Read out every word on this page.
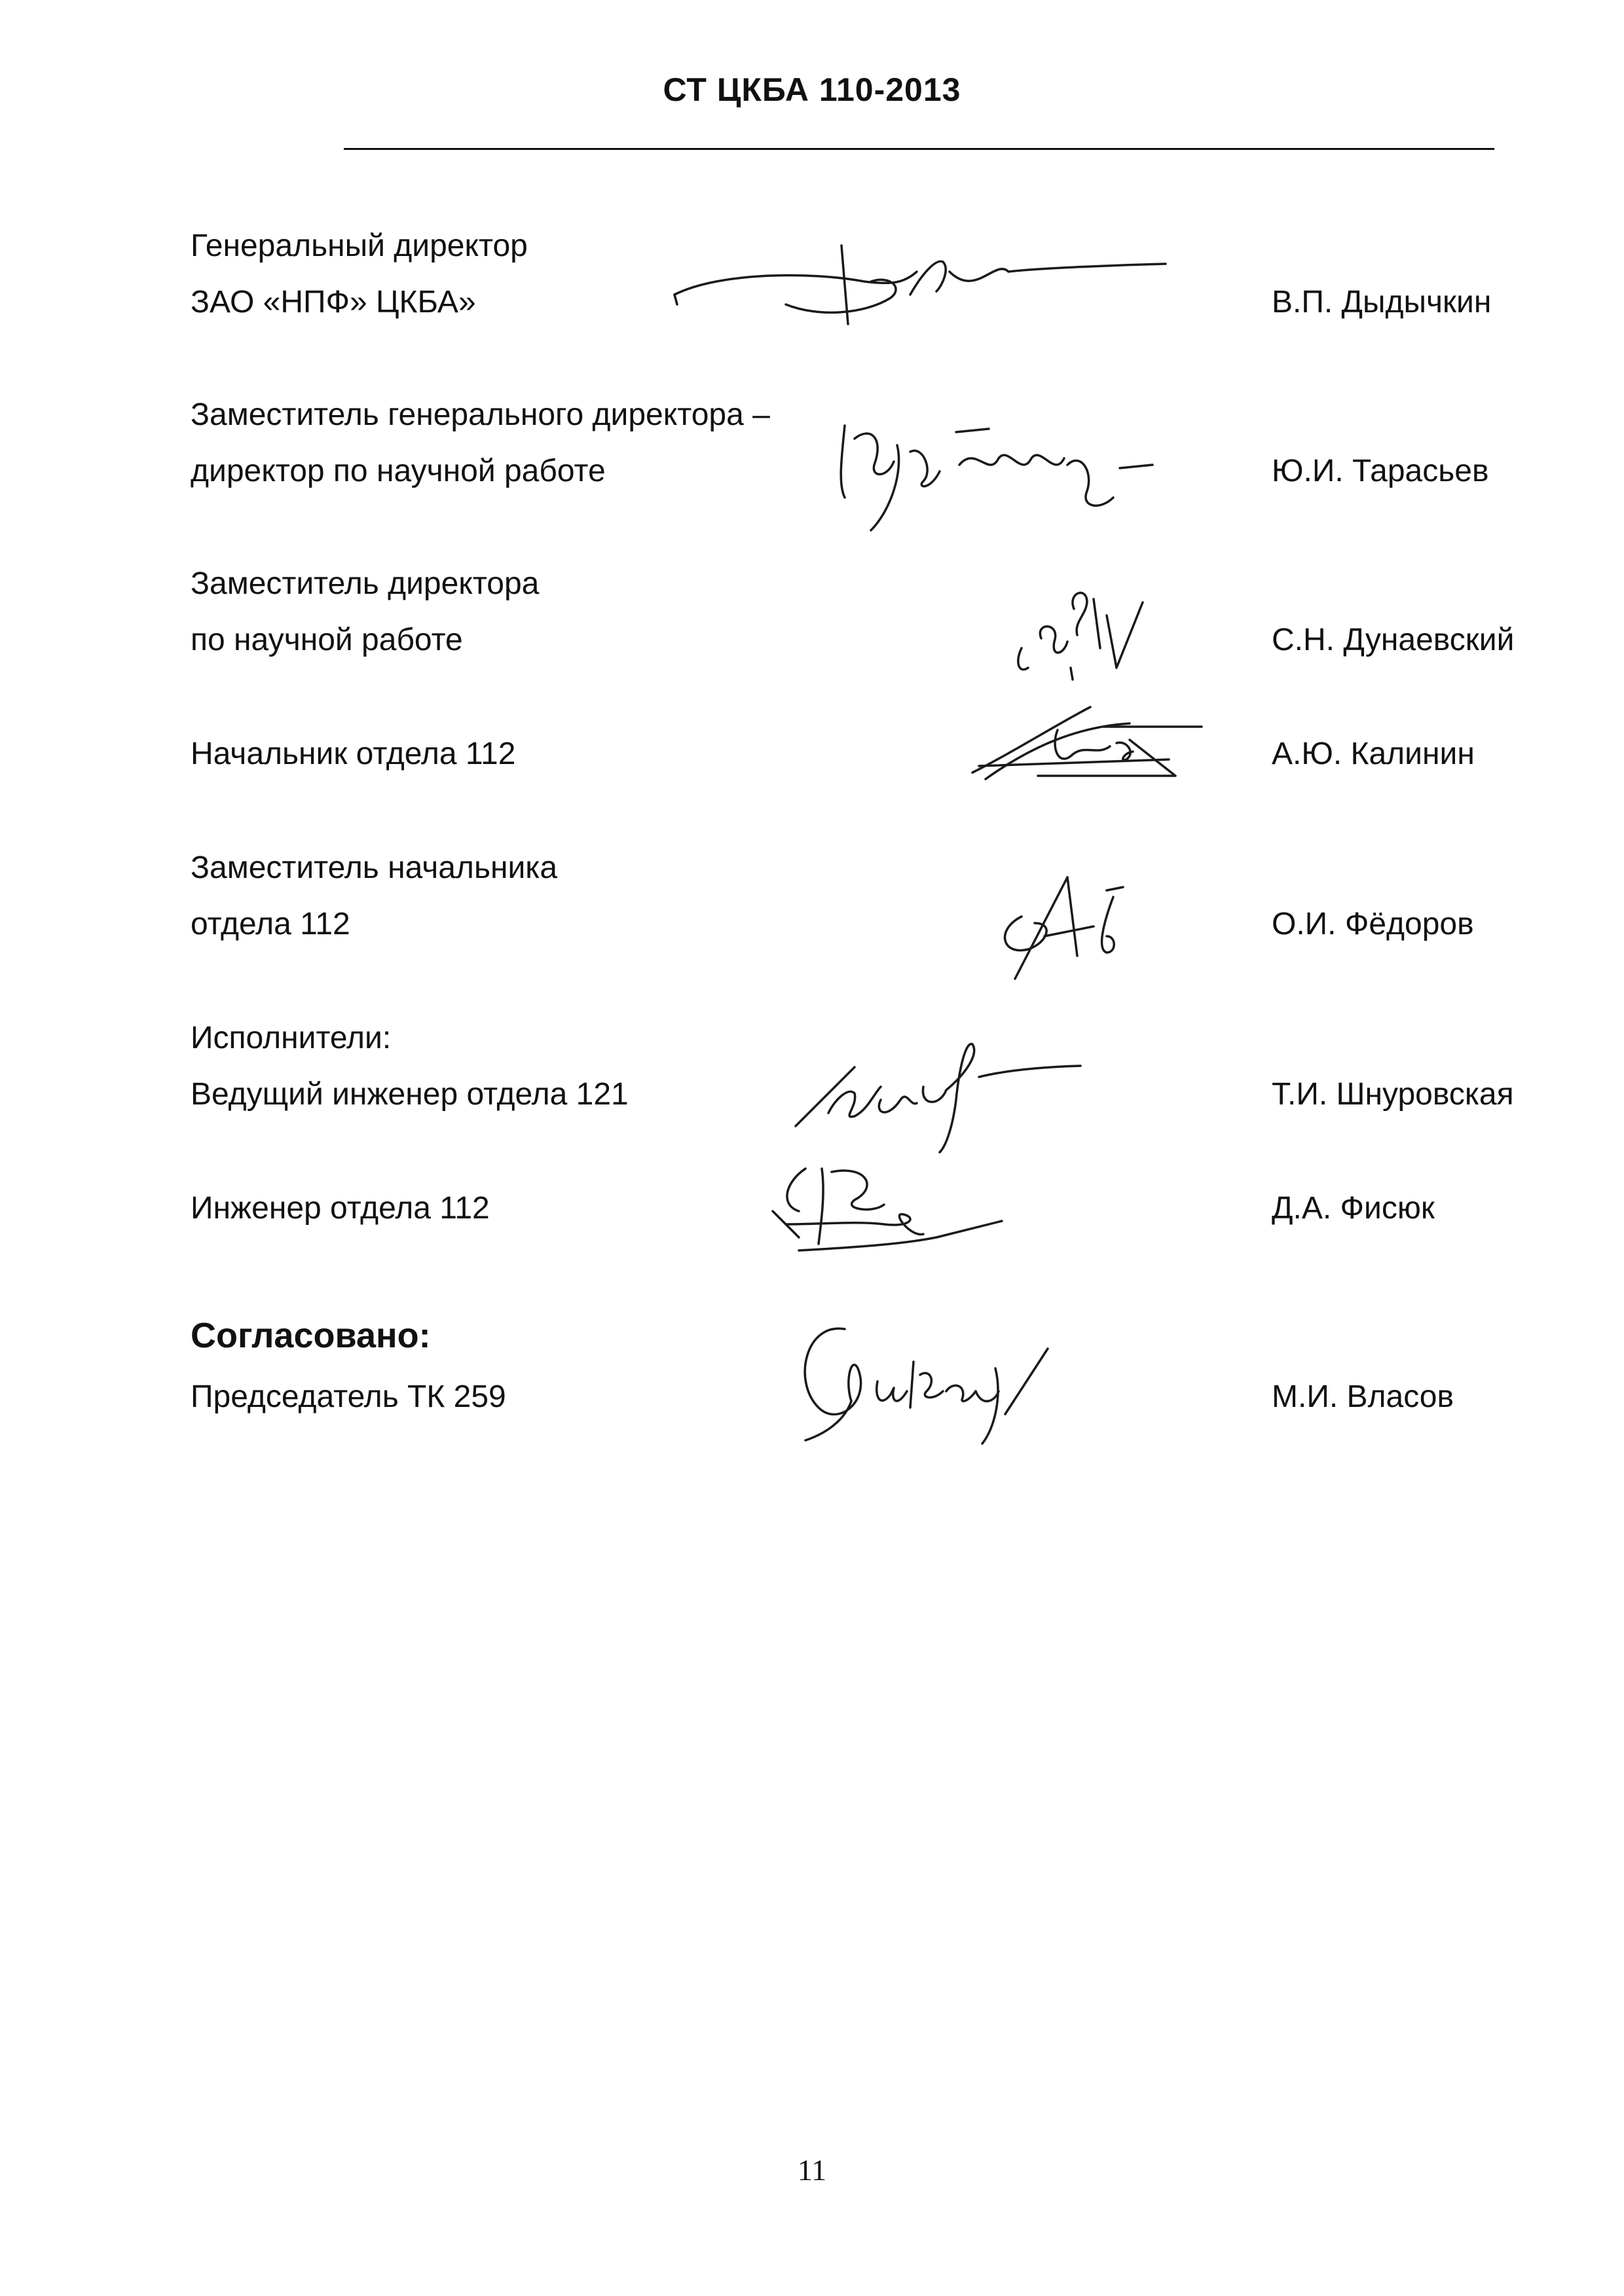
СТ ЦКБА 110-2013
Генеральный директор
ЗАО «НПФ» ЦКБА»	В.П. Дыдычкин
Заместитель генерального директора –
директор по научной работе	Ю.И. Тарасьев
Заместитель директора
по научной работе	С.Н. Дунаевский
Начальник отдела 112	А.Ю. Калинин
Заместитель начальника
отдела 112	О.И. Фёдоров
Исполнители:
Ведущий инженер отдела 121	Т.И. Шнуровская
Инженер отдела 112	Д.А. Фисюк
Согласовано:
Председатель ТК 259	М.И. Власов
11
